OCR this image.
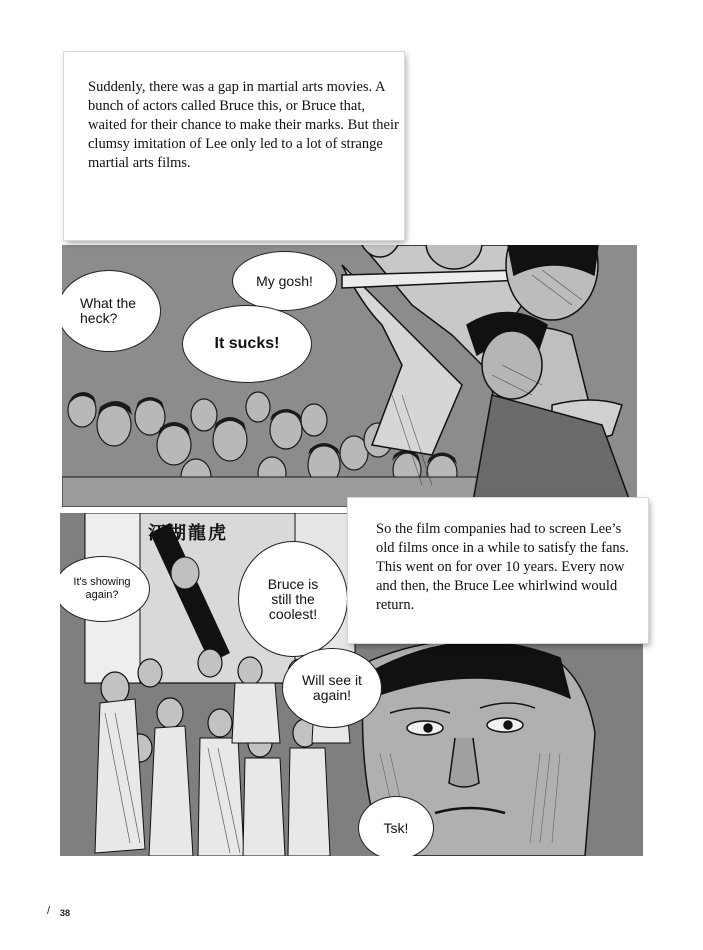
What the heck?
My gosh!
It sucks!
江湖龍虎
It's showing again?
Bruce is still the coolest!
Will see it again!
Tsk!

Suddenly, there was a gap in martial arts movies. A bunch of actors called Bruce this, or Bruce that, waited for their chance to make their marks. But their clumsy imitation of Lee only led to a lot of strange martial arts films.

So the film companies had to screen Lee’s old films once in a while to satisfy the fans. This went on for over 10 years. Every now and then, the Bruce Lee whirlwind would return.

/ 38
